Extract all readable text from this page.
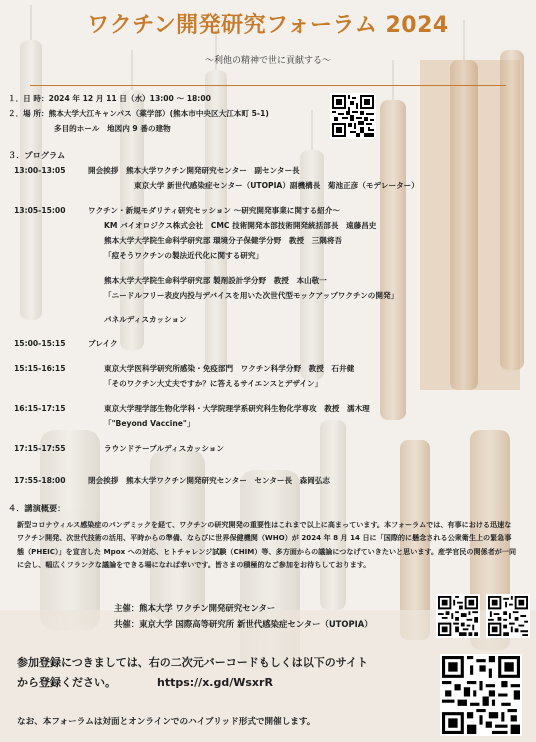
ワクチン開発研究フォーラム 2024
～利他の精神で世に貢献する～
１．日 時：2024 年 12 月 11 日（水）13:00 ～ 18:00
２．場 所：熊本大学大江キャンパス（薬学部）(熊本市中央区大江本町 5-1)
多目的ホール　地図内 9 番の建物
３．プログラム
13:00-13:05	開会挨拶　熊本大学ワクチン開発研究センター　副センター長
東京大学 新世代感染症センター（UTOPIA）副機構長　菊池正彦（モデレーター）
13:05-15:00	ワクチン・新規モダリティ研究セッション ～研究開発事業に関する紹介～
KM バイオロジクス株式会社　CMC 技術開発本部技術開発統括部長　遠藤昌史
熊本大学大学院生命科学研究部 環境分子保健学分野　教授　三隅将吾
「痘そうワクチンの製法近代化に関する研究」
熊本大学大学院生命科学研究部 製剤設計学分野　教授　本山敬一
「ニードルフリー表皮内投与デバイスを用いた次世代型モックアップワクチンの開発」
パネルディスカッション
15:00-15:15	ブレイク
15:15-16:15	東京大学医科学研究所感染・免疫部門　ワクチン科学分野　教授　石井健
「そのワクチン大丈夫ですか？に答えるサイエンスとデザイン」
16:15-17:15	東京大学理学部生物化学科・大学院理学系研究科生物化学専攻　教授　濡木理
「"Beyond Vaccine"」
17:15-17:55	ラウンドテーブルディスカッション
17:55-18:00	閉会挨拶　熊本大学ワクチン開発研究センター　センター長　森岡弘志
４．講演概要：
新型コロナウィルス感染症のパンデミックを経て、ワクチンの研究開発の重要性はこれまで以上に高まっています。本フォーラムでは、有事における迅速なワクチン開発、次世代技術の活用、平時からの準備、ならびに世界保健機関（WHO）が 2024 年 8 月 14 日に「国際的に懸念される公衆衛生上の緊急事態（PHEIC）」を宣言した Mpox への対応、ヒトチャレンジ試験（CHIM）等、多方面からの議論につなげていきたいと思います。産学官民の関係者が一同に会し、幅広くフランクな議論をできる場になれば幸いです。皆さまの積極的なご参加をお待ちしております。
主催：熊本大学 ワクチン開発研究センター
共催：東京大学 国際高等研究所 新世代感染症センター（UTOPIA）
参加登録につきましては、右の二次元バーコードもしくは以下のサイト
から登録ください。	https://x.gd/WsxrR
なお、本フォーラムは対面とオンラインでのハイブリッド形式で開催します。
